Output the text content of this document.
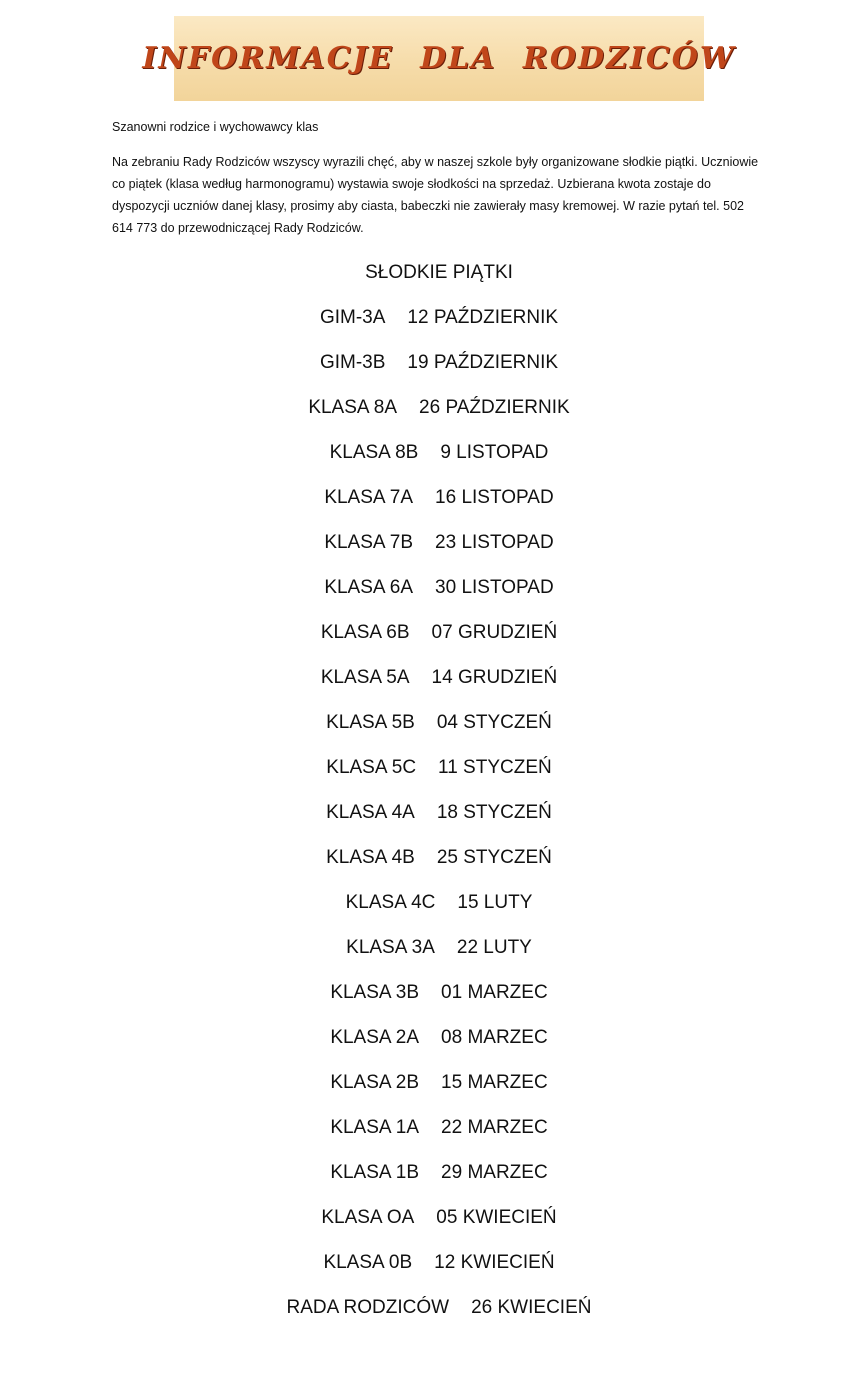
INFORMACJE DLA RODZICÓW

Szanowni rodzice i wychowawcy klas

Na zebraniu Rady Rodziców wszyscy wyrazili chęć, aby w naszej szkole były organizowane słodkie piątki. Uczniowie co piątek (klasa według harmonogramu) wystawia swoje słodkości na sprzedaż. Uzbierana kwota zostaje do dyspozycji uczniów danej klasy, prosimy aby ciasta, babeczki nie zawierały masy kremowej. W razie pytań tel. 502 614 773 do przewodniczącej Rady Rodziców.

SŁODKIE PIĄTKI
GIM-3A 12 PAŹDZIERNIK
GIM-3B 19 PAŹDZIERNIK
KLASA 8A 26 PAŹDZIERNIK
KLASA 8B 9 LISTOPAD
KLASA 7A 16 LISTOPAD
KLASA 7B 23 LISTOPAD
KLASA 6A 30 LISTOPAD
KLASA 6B 07 GRUDZIEŃ
KLASA 5A 14 GRUDZIEŃ
KLASA 5B 04 STYCZEŃ
KLASA 5C 11 STYCZEŃ
KLASA 4A 18 STYCZEŃ
KLASA 4B 25 STYCZEŃ
KLASA 4C 15 LUTY
KLASA 3A 22 LUTY
KLASA 3B 01 MARZEC
KLASA 2A 08 MARZEC
KLASA 2B 15 MARZEC
KLASA 1A 22 MARZEC
KLASA 1B 29 MARZEC
KLASA OA 05 KWIECIEŃ
KLASA 0B 12 KWIECIEŃ
RADA RODZICÓW 26 KWIECIEŃ
